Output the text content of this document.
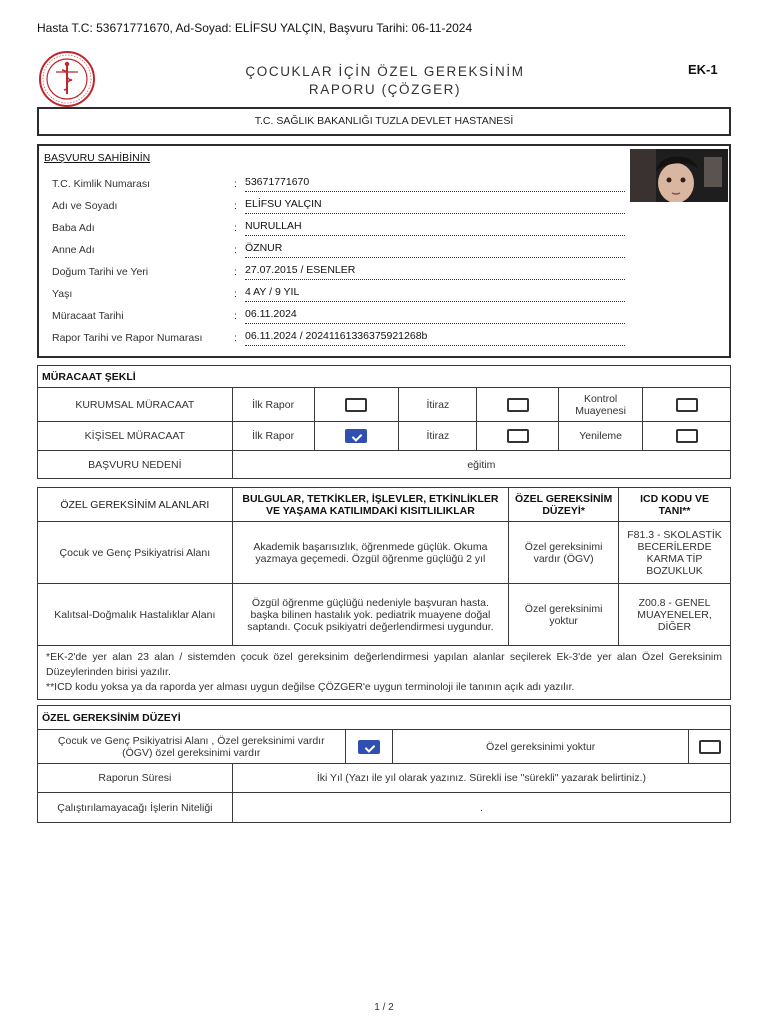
Hasta T.C: 53671771670, Ad-Soyad: ELİFSU YALÇIN, Başvuru Tarihi: 06-11-2024
ÇOCUKLAR İÇİN ÖZEL GEREKSİNİM
RAPORU (ÇÖZGER)
EK-1
T.C. SAĞLIK BAKANLIĞI TUZLA DEVLET HASTANESİ
BAŞVURU SAHİBİNİN
T.C. Kimlik Numarası	: 53671771670
Adı ve Soyadı	: ELİFSU YALÇIN
Baba Adı	: NURULLAH
Anne Adı	: ÖZNUR
Doğum Tarihi ve Yeri	: 27.07.2015 / ESENLER
Yaşı	: 4 AY / 9 YIL
Müracaat Tarihi	: 06.11.2024
Rapor Tarihi ve Rapor Numarası	: 06.11.2024 / 20241161336375921268b
MÜRACAAT ŞEKLİ						
KURUMSAL MÜRACAAT	İlk Rapor		İtiraz		Kontrol Muayenesi	
KİŞİSEL MÜRACAAT	İlk Rapor		İtiraz		Yenileme	
BAŞVURU NEDENİ	eğitim					
ÖZEL GEREKSİNİM ALANLARI	BULGULAR, TETKİKLER, İŞLEVLER, ETKİNLİKLER VE YAŞAMA KATILIMDAKİ KISITLILIKLAR	ÖZEL GEREKSİNİM DÜZEYİ*	ICD KODU VE TANI**
Çocuk ve Genç Psikiyatrisi Alanı	Akademik başarısızlık, öğrenmede güçlük. Okuma yazmaya geçemedi. Özgül öğrenme güçlüğü 2 yıl	Özel gereksinimi vardır (ÖGV)	F81.3 - SKOLASTİK BECERİLERDE KARMA TİP BOZUKLUK
Kalıtsal-Doğmalık Hastalıklar Alanı	Özgül öğrenme güçlüğü nedeniyle başvuran hasta. başka bilinen hastalık yok. pediatrik muayene doğal saptandı. Çocuk psikiyatri değerlendirmesi uygundur.	Özel gereksinimi yoktur	Z00.8 - GENEL MUAYENELER, DİĞER

*EK-2'de yer alan 23 alan / sistemden çocuk özel gereksinim değerlendirmesi yapılan alanlar seçilerek Ek-3'de yer alan Özel Gereksinim Düzeylerinden birisi yazılır.
**ICD kodu yoksa ya da raporda yer alması uygun değilse ÇÖZGER'e uygun terminoloji ile tanının açık adı yazılır.			
ÖZEL GEREKSİNİM DÜZEYİ
Çocuk ve Genç Psikiyatrisi Alanı , Özel gereksinimi vardır (ÖGV) özel gereksinimi vardır		Özel gereksinimi yoktur	
Raporun Süresi	İki Yıl (Yazı ile yıl olarak yazınız. Sürekli ise "sürekli" yazarak belirtiniz.)
Çalıştırılamayacağı İşlerin Niteliği	.
1 / 2
